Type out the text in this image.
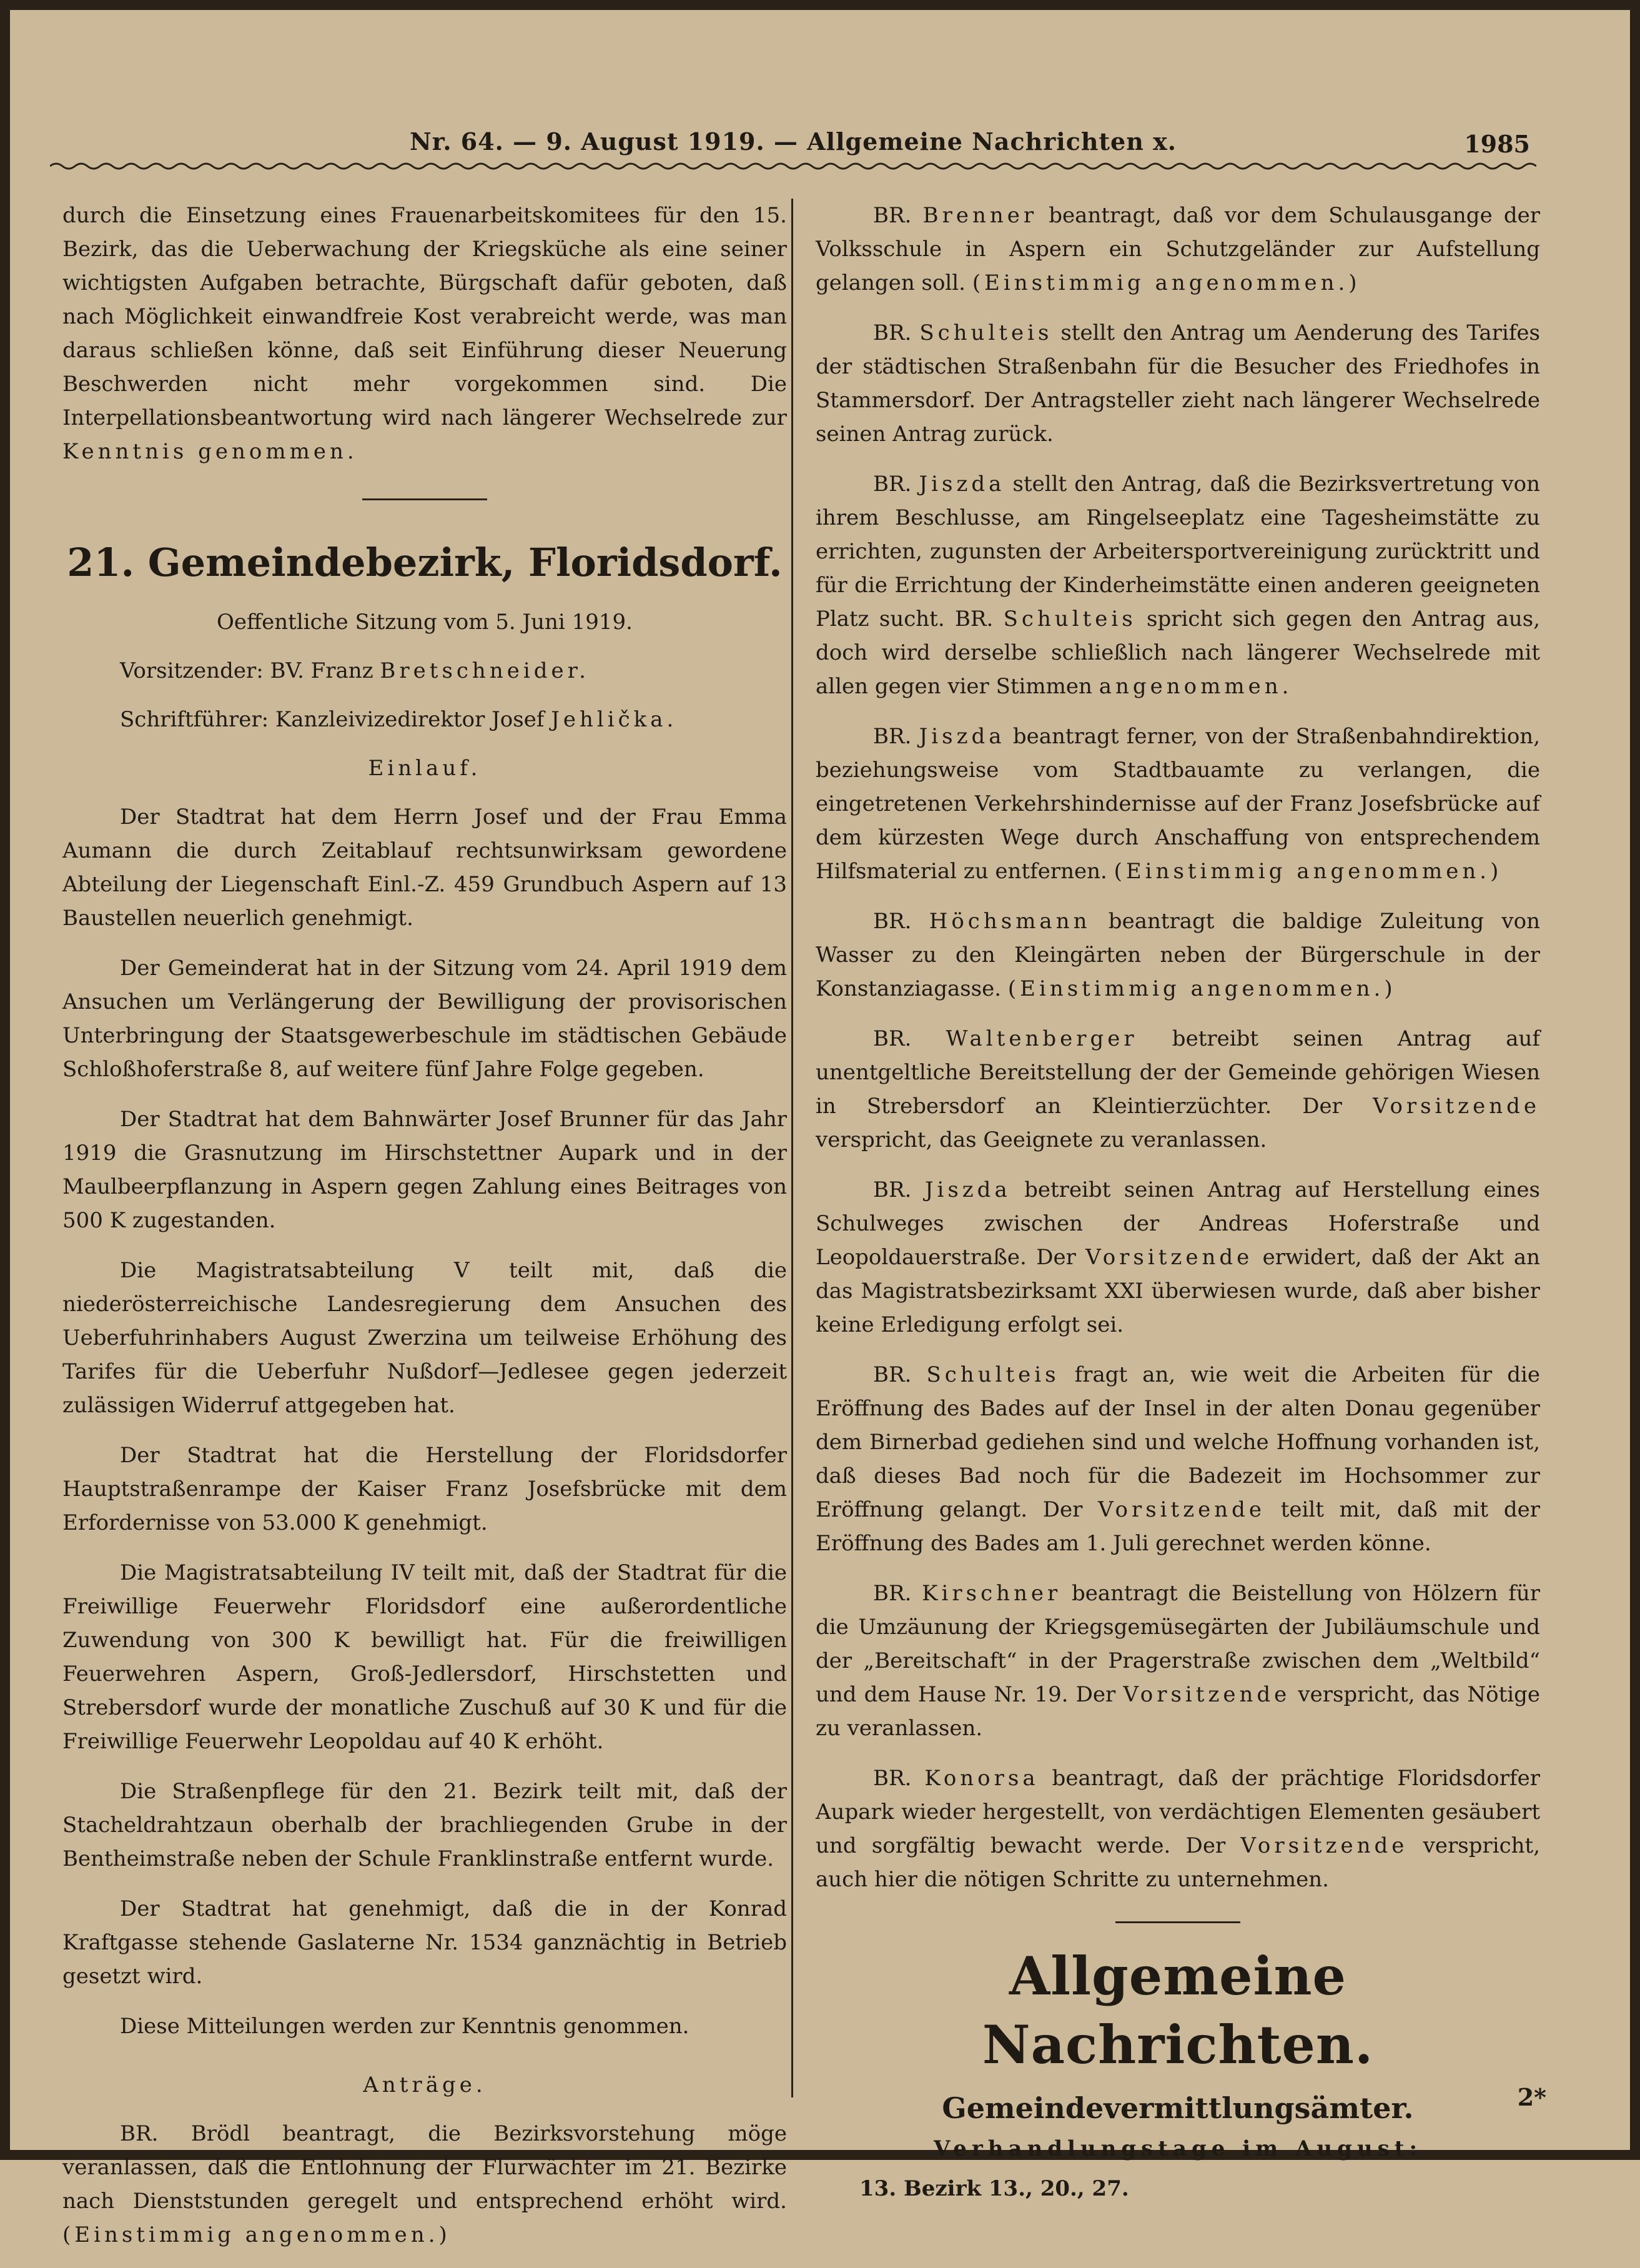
Nr. 64. — 9. August 1919. — Allgemeine Nachrichten x.	1985

durch die Einsetzung eines Frauenarbeitskomitees für den 15. Bezirk, das die Ueberwachung der Kriegsküche als eine seiner wichtigsten Aufgaben betrachte, Bürgschaft dafür geboten, daß nach Möglichkeit einwandfreie Kost verabreicht werde, was man daraus schließen könne, daß seit Einführung dieser Neuerung Beschwerden nicht mehr vorgekommen sind. Die Interpellationsbeantwortung wird nach längerer Wechselrede zur Kenntnis genommen.

21. Gemeindebezirk, Floridsdorf.
Oeffentliche Sitzung vom 5. Juni 1919.
Vorsitzender: BV. Franz Bretschneider.
Schriftführer: Kanzleivizedirektor Josef Jehlička.
Einlauf.

Der Stadtrat hat dem Herrn Josef und der Frau Emma Aumann die durch Zeitablauf rechtsunwirksam gewordene Abteilung der Liegenschaft Einl.-Z. 459 Grundbuch Aspern auf 13 Baustellen neuerlich genehmigt.

Der Gemeinderat hat in der Sitzung vom 24. April 1919 dem Ansuchen um Verlängerung der Bewilligung der provisorischen Unterbringung der Staatsgewerbeschule im städtischen Gebäude Schloßhoferstraße 8, auf weitere fünf Jahre Folge gegeben.

Der Stadtrat hat dem Bahnwärter Josef Brunner für das Jahr 1919 die Grasnutzung im Hirschstettner Aupark und in der Maulbeerpflanzung in Aspern gegen Zahlung eines Beitrages von 500 K zugestanden.

Die Magistratsabteilung V teilt mit, daß die niederösterreichische Landesregierung dem Ansuchen des Ueberfuhrinhabers August Zwerzina um teilweise Erhöhung des Tarifes für die Ueberfuhr Nußdorf—Jedlesee gegen jederzeit zulässigen Widerruf attgegeben hat.

Der Stadtrat hat die Herstellung der Floridsdorfer Hauptstraßenrampe der Kaiser Franz Josefsbrücke mit dem Erfordernisse von 53.000 K genehmigt.

Die Magistratsabteilung IV teilt mit, daß der Stadtrat für die Freiwillige Feuerwehr Floridsdorf eine außerordentliche Zuwendung von 300 K bewilligt hat. Für die freiwilligen Feuerwehren Aspern, Groß-Jedlersdorf, Hirschstetten und Strebersdorf wurde der monatliche Zuschuß auf 30 K und für die Freiwillige Feuerwehr Leopoldau auf 40 K erhöht.

Die Straßenpflege für den 21. Bezirk teilt mit, daß der Stacheldrahtzaun oberhalb der brachliegenden Grube in der Bentheimstraße neben der Schule Franklinstraße entfernt wurde.

Der Stadtrat hat genehmigt, daß die in der Konrad Kraftgasse stehende Gaslaterne Nr. 1534 ganznächtig in Betrieb gesetzt wird.

Diese Mitteilungen werden zur Kenntnis genommen.

Anträge.

BR. Brödl beantragt, die Bezirksvorstehung möge veranlassen, daß die Entlohnung der Flurwächter im 21. Bezirke nach Dienststunden geregelt und entsprechend erhöht wird. (Einstimmig angenommen.)

BR. Brenner beantragt, daß vor dem Schulausgange der Volksschule in Aspern ein Schutzgeländer zur Aufstellung gelangen soll. (Einstimmig angenommen.)

BR. Schulteis stellt den Antrag um Aenderung des Tarifes der städtischen Straßenbahn für die Besucher des Friedhofes in Stammersdorf. Der Antragsteller zieht nach längerer Wechselrede seinen Antrag zurück.

BR. Jiszda stellt den Antrag, daß die Bezirksvertretung von ihrem Beschlusse, am Ringelseeplatz eine Tagesheimstätte zu errichten, zugunsten der Arbeitersportvereinigung zurücktritt und für die Errichtung der Kinderheimstätte einen anderen geeigneten Platz sucht. BR. Schulteis spricht sich gegen den Antrag aus, doch wird derselbe schließlich nach längerer Wechselrede mit allen gegen vier Stimmen angenommen.

BR. Jiszda beantragt ferner, von der Straßenbahndirektion, beziehungsweise vom Stadtbauamte zu verlangen, die eingetretenen Verkehrshindernisse auf der Franz Josefsbrücke auf dem kürzesten Wege durch Anschaffung von entsprechendem Hilfsmaterial zu entfernen. (Einstimmig angenommen.)

BR. Höchsmann beantragt die baldige Zuleitung von Wasser zu den Kleingärten neben der Bürgerschule in der Konstanziagasse. (Einstimmig angenommen.)

BR. Waltenberger betreibt seinen Antrag auf unentgeltliche Bereitstellung der der Gemeinde gehörigen Wiesen in Strebersdorf an Kleintierzüchter. Der Vorsitzende verspricht, das Geeignete zu veranlassen.

BR. Jiszda betreibt seinen Antrag auf Herstellung eines Schulweges zwischen der Andreas Hoferstraße und Leopoldauerstraße. Der Vorsitzende erwidert, daß der Akt an das Magistratsbezirksamt XXI überwiesen wurde, daß aber bisher keine Erledigung erfolgt sei.

BR. Schulteis fragt an, wie weit die Arbeiten für die Eröffnung des Bades auf der Insel in der alten Donau gegenüber dem Birnerbad gediehen sind und welche Hoffnung vorhanden ist, daß dieses Bad noch für die Badezeit im Hochsommer zur Eröffnung gelangt. Der Vorsitzende teilt mit, daß mit der Eröffnung des Bades am 1. Juli gerechnet werden könne.

BR. Kirschner beantragt die Beistellung von Hölzern für die Umzäunung der Kriegsgemüsegärten der Jubiläumschule und der „Bereitschaft“ in der Pragerstraße zwischen dem „Weltbild“ und dem Hause Nr. 19. Der Vorsitzende verspricht, das Nötige zu veranlassen.

BR. Konorsa beantragt, daß der prächtige Floridsdorfer Aupark wieder hergestellt, von verdächtigen Elementen gesäubert und sorgfältig bewacht werde. Der Vorsitzende verspricht, auch hier die nötigen Schritte zu unternehmen.

Allgemeine Nachrichten.
Gemeindevermittlungsämter.
Verhandlungstage im August:
13. Bezirk 13., 20., 27.
2*
